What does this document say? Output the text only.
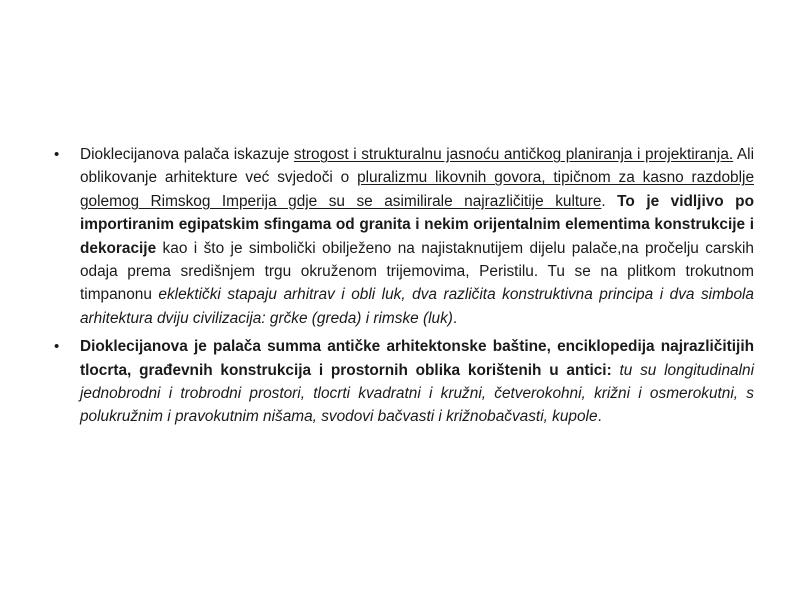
• Dioklecijanova palača iskazuje strogost i strukturalnu jasnoću antičkog planiranja i projektiranja. Ali oblikovanje arhitekture već svjedoči o pluralizmu likovnih govora, tipičnom za kasno razdoblje golemog Rimskog Imperija gdje su se asimilirale najrazličitije kulture. To je vidljivo po importiranim egipatskim sfingama od granita i nekim orijentalnim elementima konstrukcije i dekoracije kao i što je simbolički obilježeno na najistaknutijem dijelu palače,na pročelju carskih odaja prema središnjem trgu okruženom trijemovima, Peristilu. Tu se na plitkom trokutnom timpanonu eklektički stapaju arhitrav i obli luk, dva različita konstruktivna principa i dva simbola arhitektura dviju civilizacija: grčke (greda) i rimske (luk).
• Dioklecijanova je palača summa antičke arhitektonske baštine, enciklopedija najrazličitijih tlocrta, građevnih konstrukcija i prostornih oblika korištenih u antici: tu su longitudinalni jednobrodni i trobrodni prostori, tlocrti kvadratni i kružni, četverokohni, križni i osmerokutni, s polukružnim i pravokutnim nišama, svodovi bačvasti i križnobačvasti, kupole.
